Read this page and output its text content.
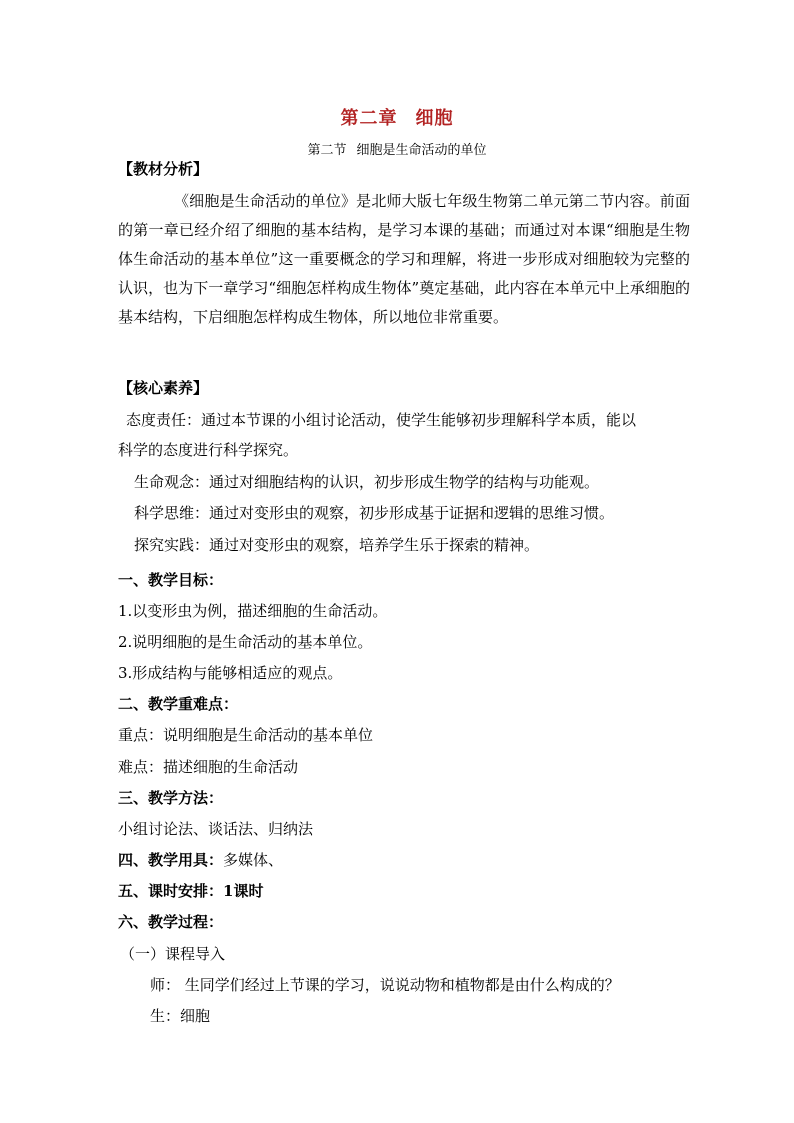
第二章 细胞
第二节 细胞是生命活动的单位
【教材分析】
《细胞是生命活动的单位》是北师大版七年级生物第二单元第二节内容。前面的第一章已经介绍了细胞的基本结构，是学习本课的基础；而通过对本课“细胞是生物体生命活动的基本单位”这一重要概念的学习和理解，将进一步形成对细胞较为完整的认识，也为下一章学习“细胞怎样构成生物体”奠定基础，此内容在本单元中上承细胞的基本结构，下启细胞怎样构成生物体，所以地位非常重要。
【核心素养】
态度责任：通过本节课的小组讨论活动，使学生能够初步理解科学本质，能以
科学的态度进行科学探究。
生命观念：通过对细胞结构的认识，初步形成生物学的结构与功能观。
科学思维：通过对变形虫的观察，初步形成基于证据和逻辑的思维习惯。
探究实践：通过对变形虫的观察，培养学生乐于探索的精神。
一、教学目标：
1.以变形虫为例，描述细胞的生命活动。
2.说明细胞的是生命活动的基本单位。
3.形成结构与能够相适应的观点。
二、教学重难点：
重点：说明细胞是生命活动的基本单位
难点：描述细胞的生命活动
三、教学方法：
小组讨论法、谈话法、归纳法
四、教学用具：多媒体、
五、课时安排：1课时
六、教学过程：
（一）课程导入
师： 生同学们经过上节课的学习，说说动物和植物都是由什么构成的？
生：细胞
